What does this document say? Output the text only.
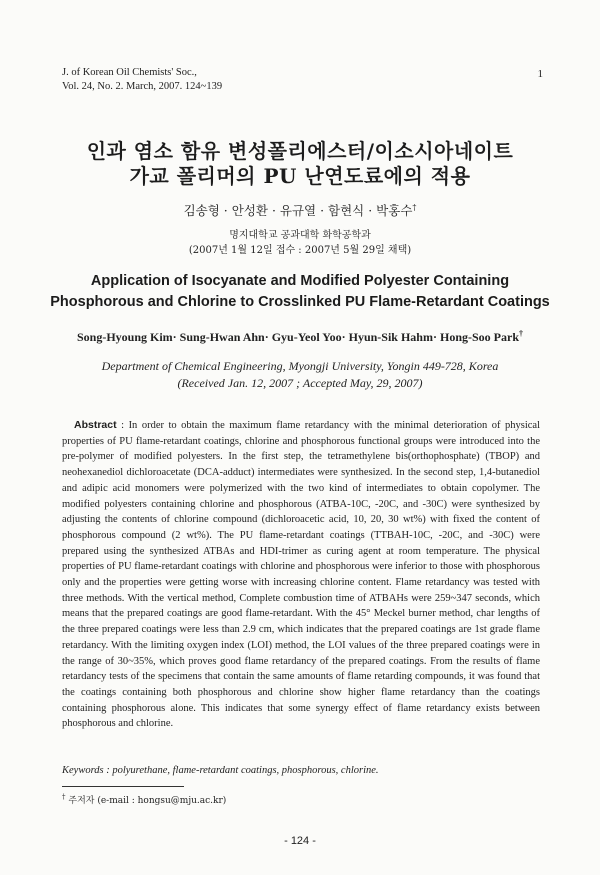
J. of Korean Oil Chemists' Soc.,
Vol. 24, No. 2. March, 2007. 124~139
1
인과 염소 함유 변성폴리에스터/이소시아네이트
가교 폴리머의 PU 난연도료에의 적용
김송형 · 안성환 · 유규열 · 함현식 · 박홍수†
명지대학교 공과대학 화학공학과
(2007년 1월 12일 접수 : 2007년 5월 29일 채택)
Application of Isocyanate and Modified Polyester Containing
Phosphorous and Chlorine to Crosslinked PU Flame-Retardant Coatings
Song-Hyoung Kim· Sung-Hwan Ahn· Gyu-Yeol Yoo· Hyun-Sik Hahm· Hong-Soo Park†
Department of Chemical Engineering, Myongji University, Yongin 449-728, Korea
(Received Jan. 12, 2007 ; Accepted May, 29, 2007)
Abstract : In order to obtain the maximum flame retardancy with the minimal deterioration of physical properties of PU flame-retardant coatings, chlorine and phosphorous functional groups were introduced into the pre-polymer of modified polyesters. In the first step, the tetramethylene bis(orthophosphate) (TBOP) and neohexanediol dichloroacetate (DCA-adduct) intermediates were synthesized. In the second step, 1,4-butanediol and adipic acid monomers were polymerized with the two kind of intermediates to obtain copolymer. The modified polyesters containing chlorine and phosphorous (ATBA-10C, -20C, and -30C) were synthesized by adjusting the contents of chlorine compound (dichloroacetic acid, 10, 20, 30 wt%) with fixed the content of phosphorous compound (2 wt%). The PU flame-retardant coatings (TTBAH-10C, -20C, and -30C) were prepared using the synthesized ATBAs and HDI-trimer as curing agent at room temperature. The physical properties of PU flame-retardant coatings with chlorine and phosphorous were inferior to those with phosphorous only and the properties were getting worse with increasing chlorine content. Flame retardancy was tested with three methods. With the vertical method, Complete combustion time of ATBAHs were 259~347 seconds, which means that the prepared coatings are good flame-retardant. With the 45° Meckel burner method, char lengths of the three prepared coatings were less than 2.9 cm, which indicates that the prepared coatings are 1st grade flame retardancy. With the limiting oxygen index (LOI) method, the LOI values of the three prepared coatings were in the range of 30~35%, which proves good flame retardancy of the prepared coatings. From the results of flame retardancy tests of the specimens that contain the same amounts of flame retarding compounds, it was found that the coatings containing both phosphorous and chlorine show higher flame retardancy than the coatings containing phosphorous alone. This indicates that some synergy effect of flame retardancy exists between phosphorous and chlorine.
Keywords : polyurethane, flame-retardant coatings, phosphorous, chlorine.
† 주저자 (e-mail : hongsu@mju.ac.kr)
- 124 -
